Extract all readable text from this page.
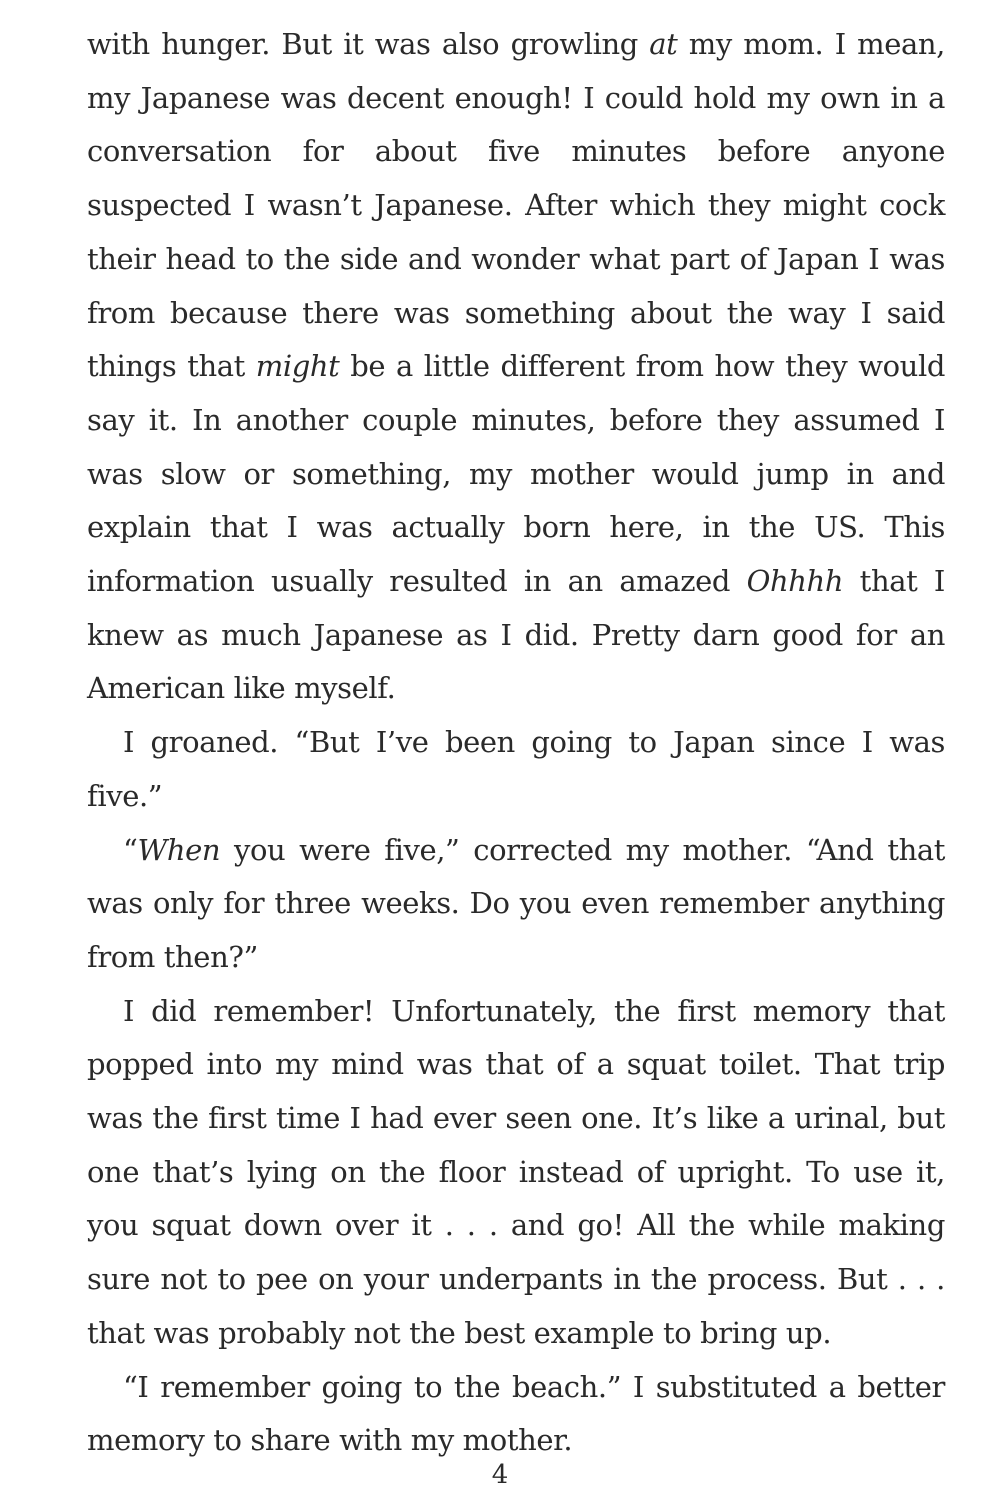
with hunger. But it was also growling at my mom. I mean, my Japanese was decent enough! I could hold my own in a conversation for about five minutes before anyone suspected I wasn’t Japanese. After which they might cock their head to the side and wonder what part of Japan I was from because there was something about the way I said things that might be a little different from how they would say it. In another couple minutes, before they assumed I was slow or something, my mother would jump in and explain that I was actually born here, in the US. This information usually resulted in an amazed Ohhhh that I knew as much Japanese as I did. Pretty darn good for an American like myself.

I groaned. “But I’ve been going to Japan since I was five.”

“When you were five,” corrected my mother. “And that was only for three weeks. Do you even remember anything from then?”

I did remember! Unfortunately, the first memory that popped into my mind was that of a squat toilet. That trip was the first time I had ever seen one. It’s like a urinal, but one that’s lying on the floor instead of upright. To use it, you squat down over it . . . and go! All the while making sure not to pee on your underpants in the process. But . . . that was probably not the best example to bring up.

“I remember going to the beach.” I substituted a better memory to share with my mother.

4
